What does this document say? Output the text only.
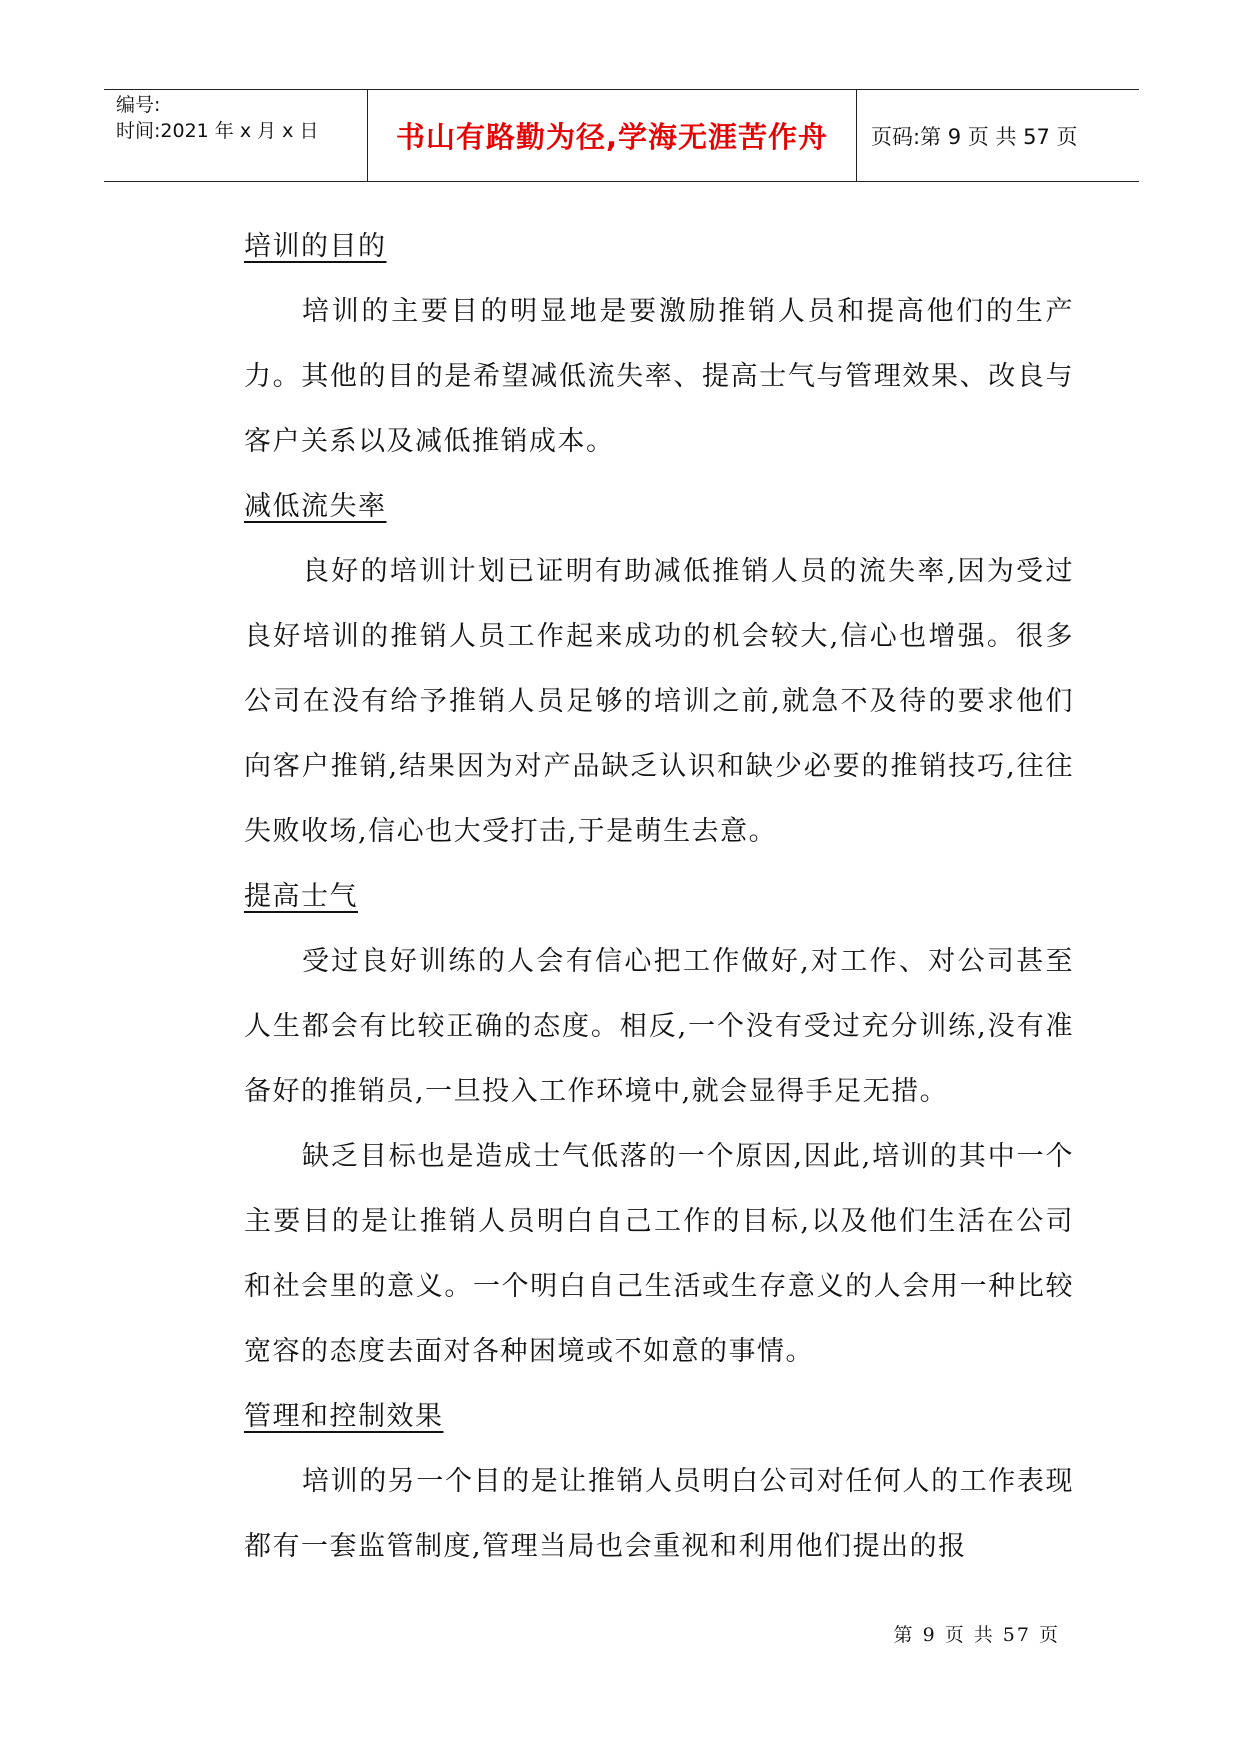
编号:
时间:2021 年 x 月 x 日	书山有路勤为径,学海无涯苦作舟 页码:第 9 页 共 57 页
培训的目的

培训的主要目的明显地是要激励推销人员和提高他们的生产力。其他的目的是希望减低流失率、提高士气与管理效果、改良与客户关系以及减低推销成本。

减低流失率

良好的培训计划已证明有助减低推销人员的流失率,因为受过良好培训的推销人员工作起来成功的机会较大,信心也增强。很多公司在没有给予推销人员足够的培训之前,就急不及待的要求他们向客户推销,结果因为对产品缺乏认识和缺少必要的推销技巧,往往失败收场,信心也大受打击,于是萌生去意。

提高士气

受过良好训练的人会有信心把工作做好,对工作、对公司甚至人生都会有比较正确的态度。相反,一个没有受过充分训练,没有准备好的推销员,一旦投入工作环境中,就会显得手足无措。

缺乏目标也是造成士气低落的一个原因,因此,培训的其中一个主要目的是让推销人员明白自己工作的目标,以及他们生活在公司和社会里的意义。一个明白自己生活或生存意义的人会用一种比较宽容的态度去面对各种困境或不如意的事情。

管理和控制效果

培训的另一个目的是让推销人员明白公司对任何人的工作表现都有一套监管制度,管理当局也会重视和利用他们提出的报

第 9 页 共 57 页
